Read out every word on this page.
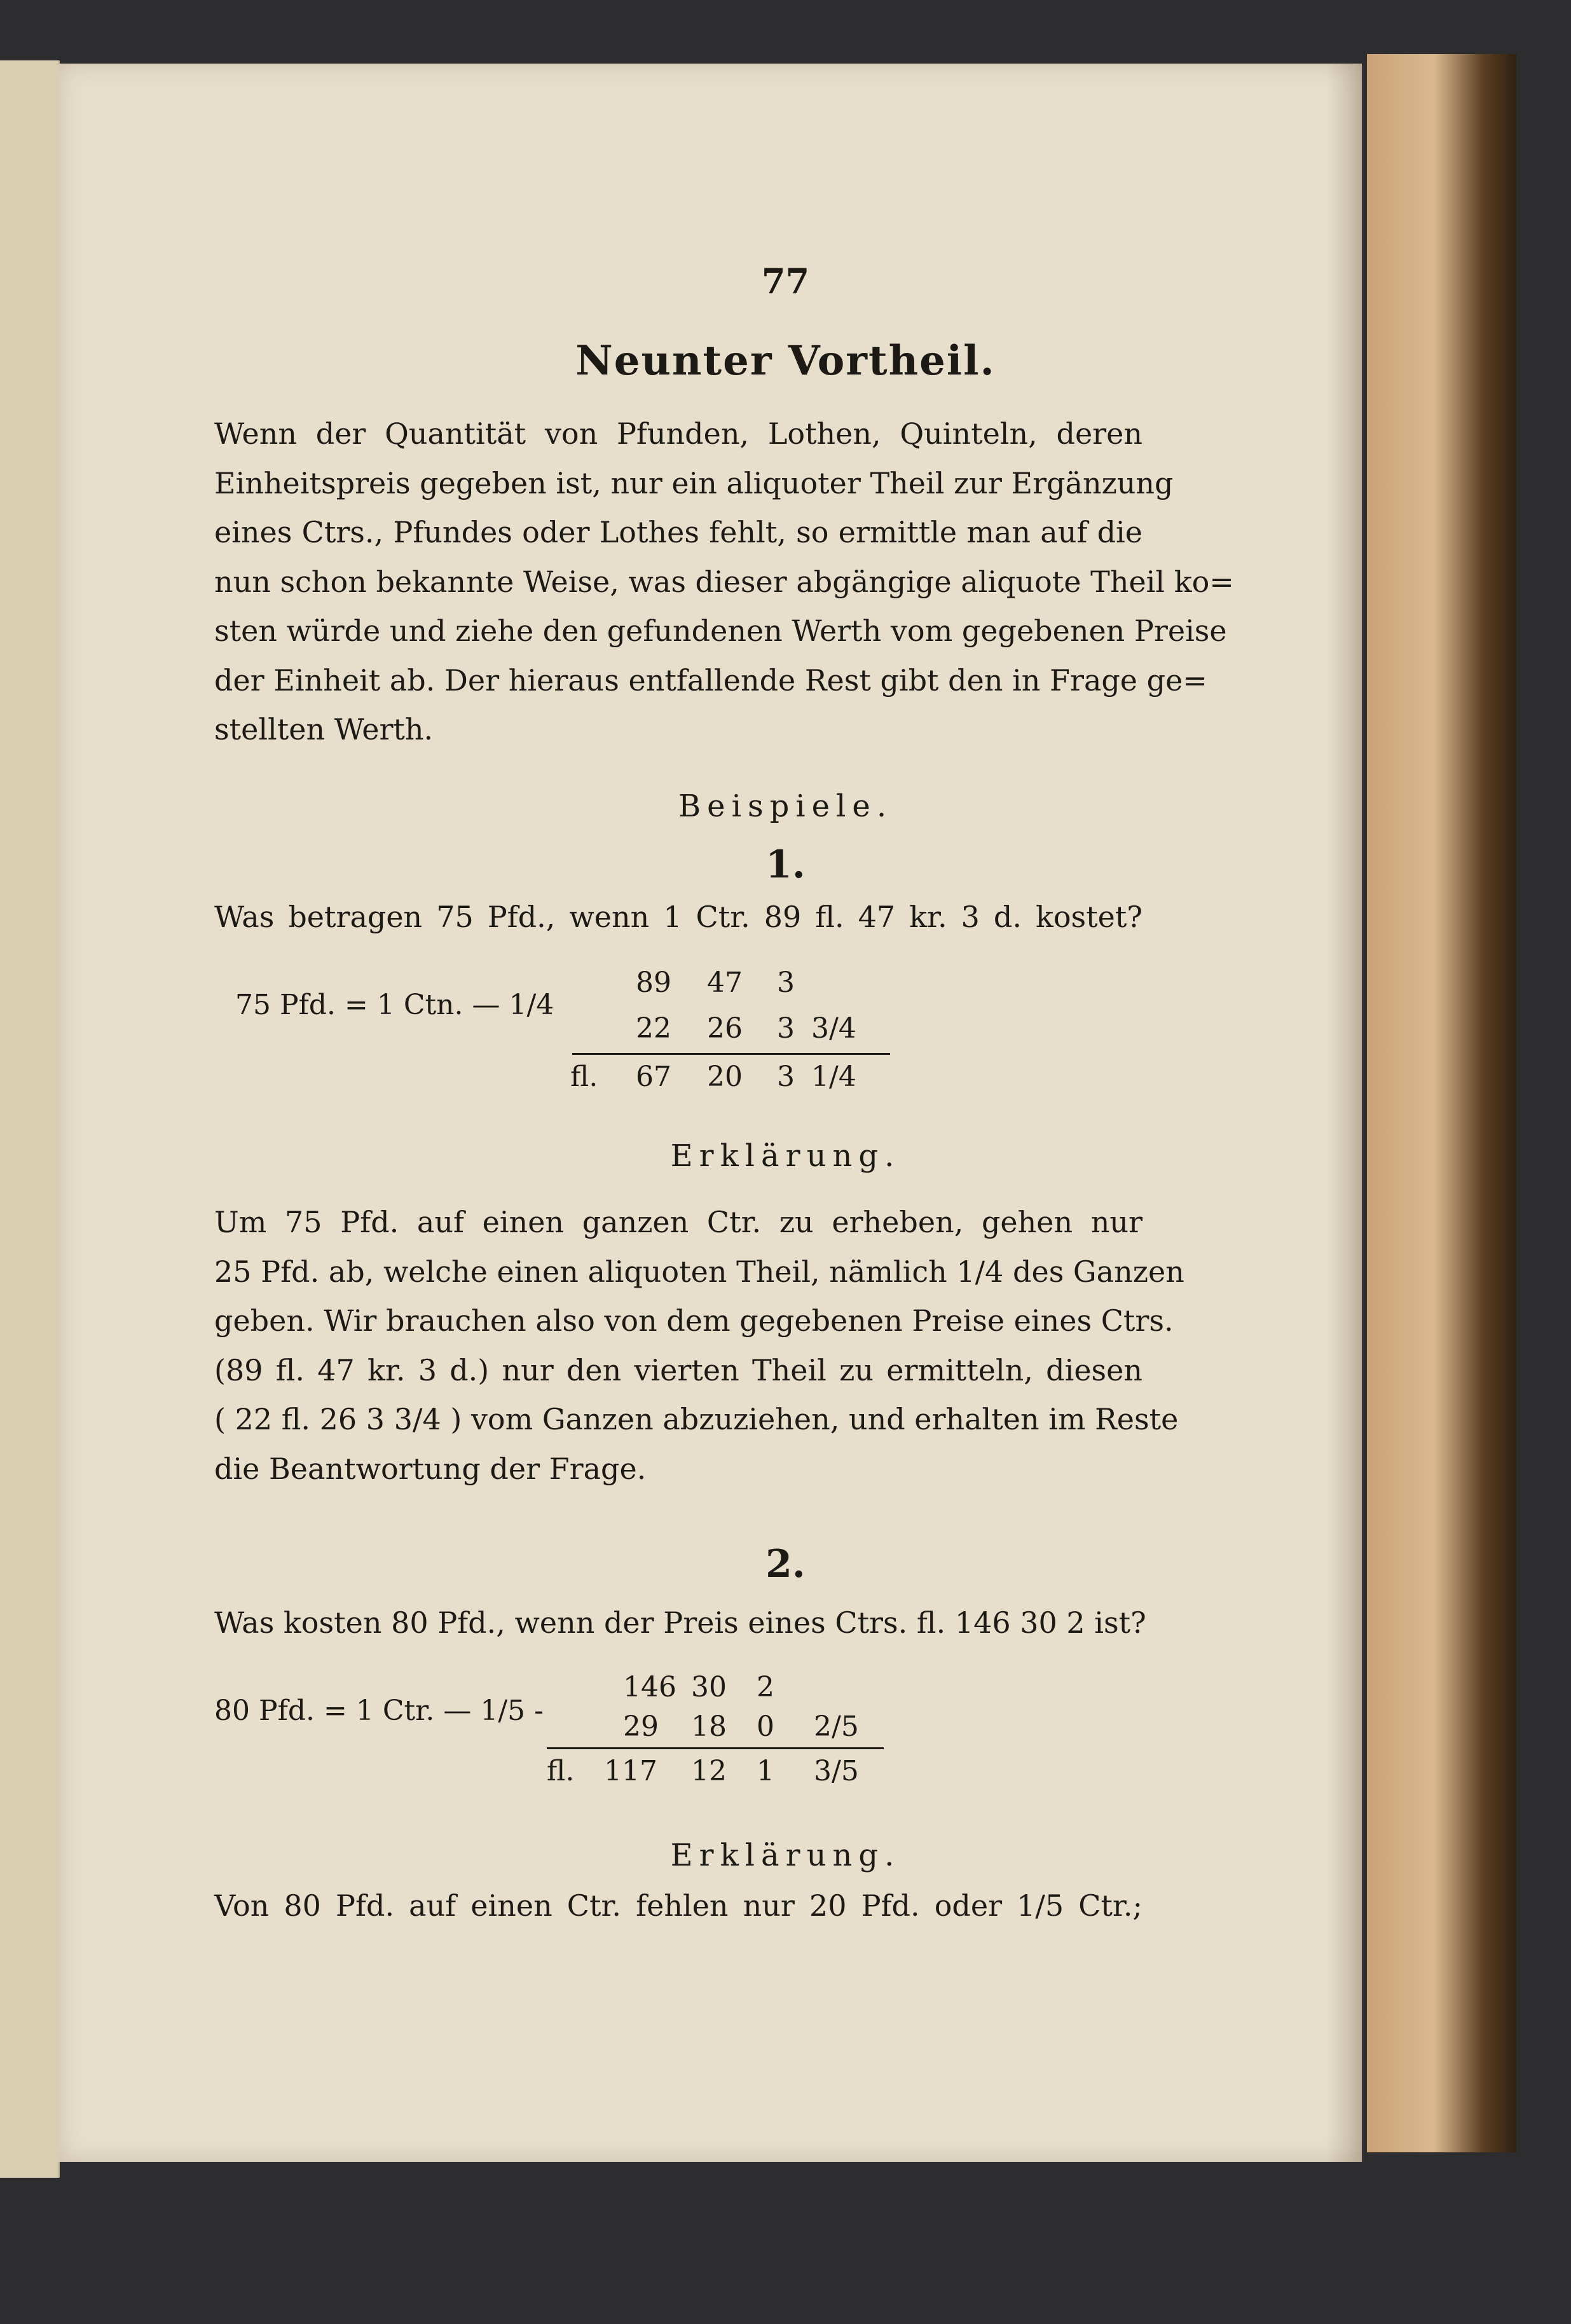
77
Neunter Vortheil.
Wenn der Quantität von Pfunden, Lothen, Quinteln, deren
Einheitspreis gegeben ist, nur ein aliquoter Theil zur Ergänzung
eines Ctrs., Pfundes oder Lothes fehlt, so ermittle man auf die
nun schon bekannte Weise, was dieser abgängige aliquote Theil ko=
sten würde und ziehe den gefundenen Werth vom gegebenen Preise
der Einheit ab. Der hieraus entfallende Rest gibt den in Frage ge=
stellten Werth.
Beispiele.
1.
Was betragen 75 Pfd., wenn 1 Ctr. 89 fl. 47 kr. 3 d. kostet?
75 Pfd. = 1 Ctn. — 1/4
89 47 3
22 26 3 3/4
fl. 67 20 3 1/4
Erklärung.
Um 75 Pfd. auf einen ganzen Ctr. zu erheben, gehen nur
25 Pfd. ab, welche einen aliquoten Theil, nämlich 1/4 des Ganzen
geben. Wir brauchen also von dem gegebenen Preise eines Ctrs.
(89 fl. 47 kr. 3 d.) nur den vierten Theil zu ermitteln, diesen
( 22 fl. 26 3 3/4 ) vom Ganzen abzuziehen, und erhalten im Reste
die Beantwortung der Frage.
2.
Was kosten 80 Pfd., wenn der Preis eines Ctrs. fl. 146 30 2 ist?
80 Pfd. = 1 Ctr. — 1/5 -
146 30 2
29 18 0 2/5
fl. 117 12 1 3/5
Erklärung.
Von 80 Pfd. auf einen Ctr. fehlen nur 20 Pfd. oder 1/5 Ctr.;
